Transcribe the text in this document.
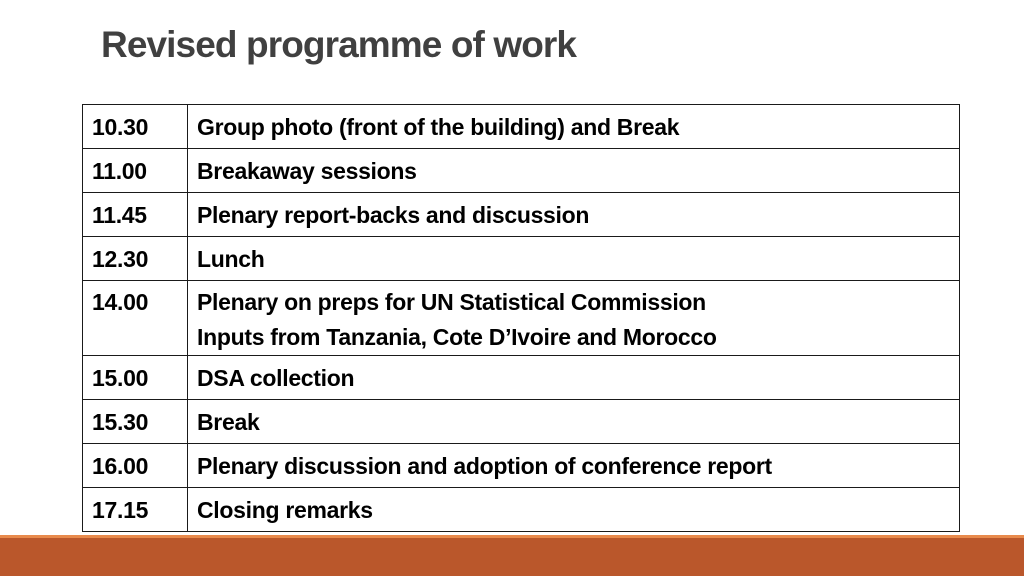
Revised programme of work
10.30	Group photo (front of the building) and Break

11.00	Breakaway sessions

11.45	Plenary report-backs and discussion

12.30	Lunch

14.00	Plenary on preps for UN Statistical Commission
Inputs from Tanzania, Cote D’Ivoire and Morocco

15.00	DSA collection

15.30	Break

16.00	Plenary discussion and adoption of conference report

17.15	Closing remarks
